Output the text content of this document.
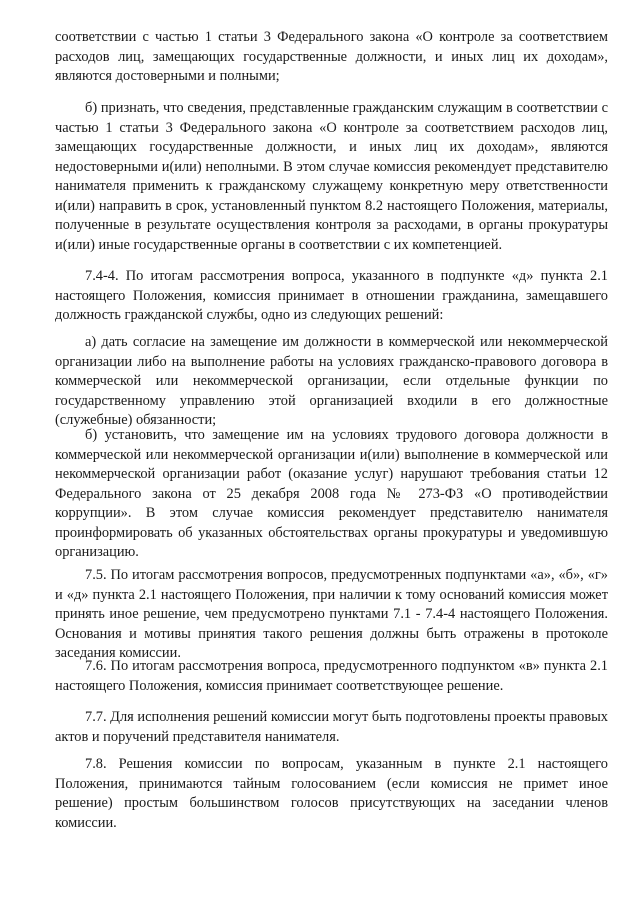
соответствии с частью 1 статьи 3 Федерального закона «О контроле за соответствием расходов лиц, замещающих государственные должности, и иных лиц их доходам», являются достоверными и полными;

б) признать, что сведения, представленные гражданским служащим в соответствии с частью 1 статьи 3 Федерального закона «О контроле за соответствием расходов лиц, замещающих государственные должности, и иных лиц их доходам», являются недостоверными и(или) неполными. В этом случае комиссия рекомендует представителю нанимателя применить к гражданскому служащему конкретную меру ответственности и(или) направить в срок, установленный пунктом 8.2 настоящего Положения, материалы, полученные в результате осуществления контроля за расходами, в органы прокуратуры и(или) иные государственные органы в соответствии с их компетенцией.

7.4-4. По итогам рассмотрения вопроса, указанного в подпункте «д» пункта 2.1 настоящего Положения, комиссия принимает в отношении гражданина, замещавшего должность гражданской службы, одно из следующих решений:

а) дать согласие на замещение им должности в коммерческой или некоммерческой организации либо на выполнение работы на условиях гражданско-правового договора в коммерческой или некоммерческой организации, если отдельные функции по государственному управлению этой организацией входили в его должностные (служебные) обязанности;

б) установить, что замещение им на условиях трудового договора должности в коммерческой или некоммерческой организации и(или) выполнение в коммерческой или некоммерческой организации работ (оказание услуг) нарушают требования статьи 12 Федерального закона от 25 декабря 2008 года № 273-ФЗ «О противодействии коррупции». В этом случае комиссия рекомендует представителю нанимателя проинформировать об указанных обстоятельствах органы прокуратуры и уведомившую организацию.

7.5. По итогам рассмотрения вопросов, предусмотренных подпунктами «а», «б», «г» и «д» пункта 2.1 настоящего Положения, при наличии к тому оснований комиссия может принять иное решение, чем предусмотрено пунктами 7.1 - 7.4-4 настоящего Положения. Основания и мотивы принятия такого решения должны быть отражены в протоколе заседания комиссии.

7.6. По итогам рассмотрения вопроса, предусмотренного подпунктом «в» пункта 2.1 настоящего Положения, комиссия принимает соответствующее решение.

7.7. Для исполнения решений комиссии могут быть подготовлены проекты правовых актов и поручений представителя нанимателя.

7.8. Решения комиссии по вопросам, указанным в пункте 2.1 настоящего Положения, принимаются тайным голосованием (если комиссия не примет иное решение) простым большинством голосов присутствующих на заседании членов комиссии.
